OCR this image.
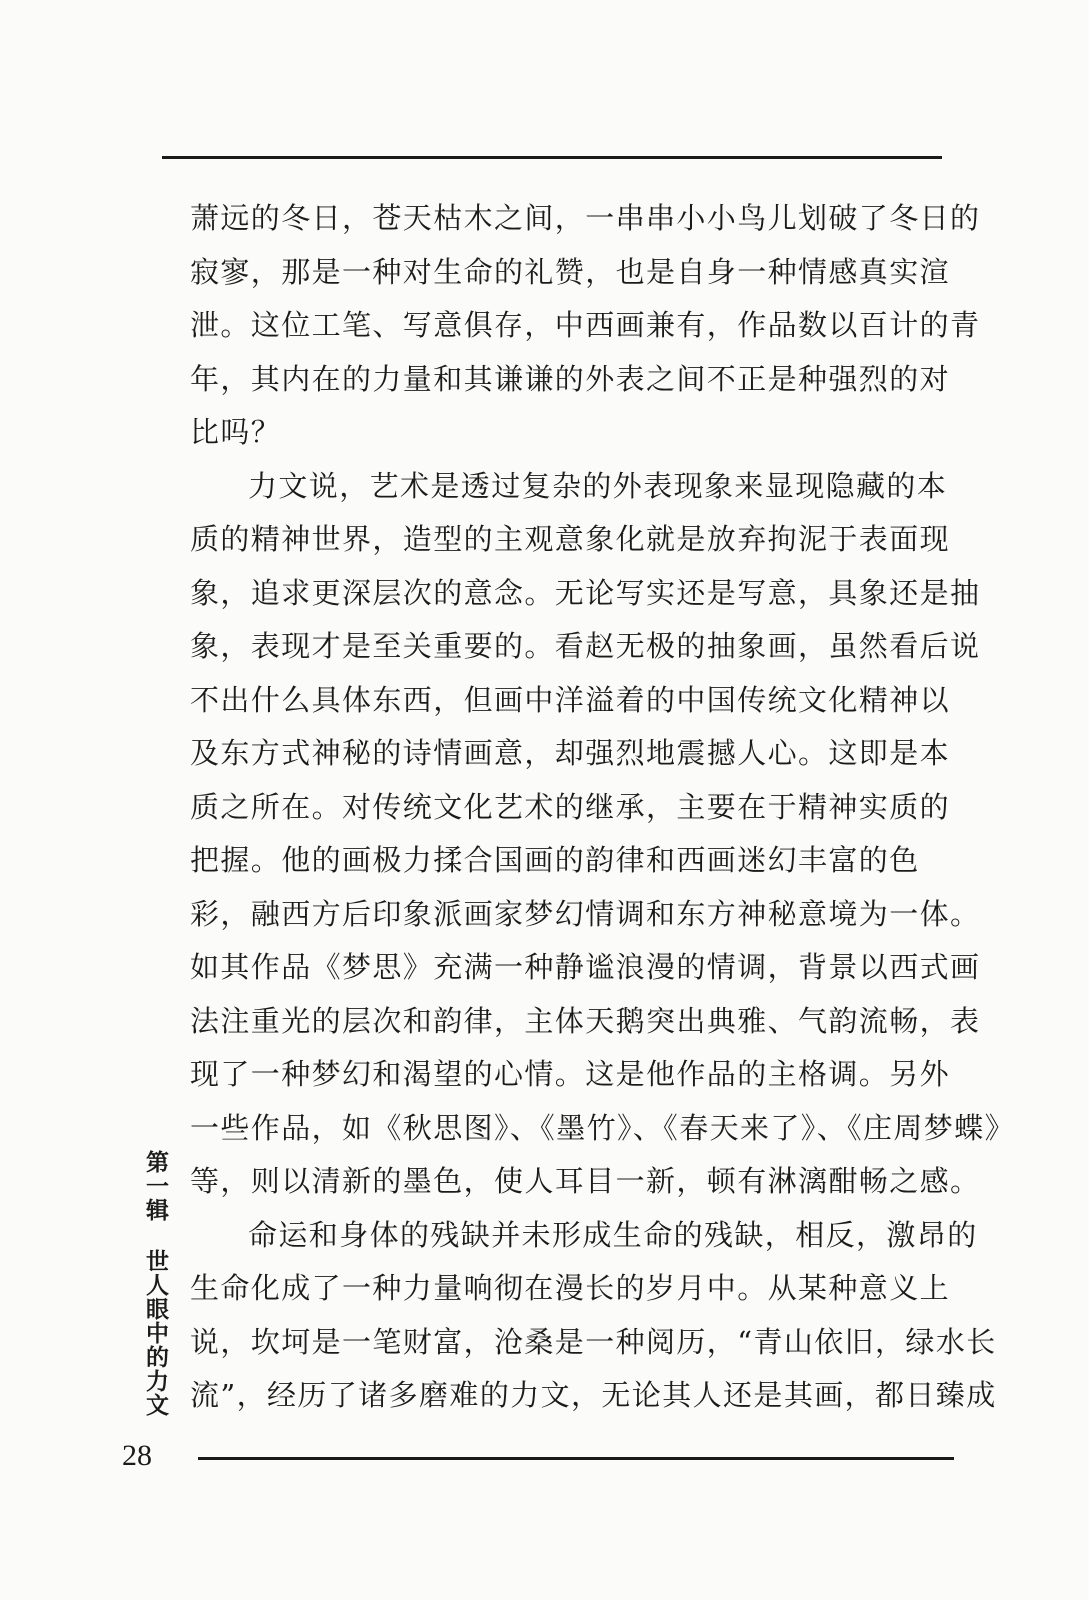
萧远的冬日，苍天枯木之间，一串串小小鸟儿划破了冬日的
寂寥，那是一种对生命的礼赞，也是自身一种情感真实渲
泄。这位工笔、写意俱存，中西画兼有，作品数以百计的青
年，其内在的力量和其谦谦的外表之间不正是种强烈的对
比吗？
力文说，艺术是透过复杂的外表现象来显现隐藏的本
质的精神世界，造型的主观意象化就是放弃拘泥于表面现
象，追求更深层次的意念。无论写实还是写意，具象还是抽
象，表现才是至关重要的。看赵无极的抽象画，虽然看后说
不出什么具体东西，但画中洋溢着的中国传统文化精神以
及东方式神秘的诗情画意，却强烈地震撼人心。这即是本
质之所在。对传统文化艺术的继承，主要在于精神实质的
把握。他的画极力揉合国画的韵律和西画迷幻丰富的色
彩，融西方后印象派画家梦幻情调和东方神秘意境为一体。
如其作品《梦思》充满一种静谧浪漫的情调，背景以西式画
法注重光的层次和韵律，主体天鹅突出典雅、气韵流畅，表
现了一种梦幻和渴望的心情。这是他作品的主格调。另外
一些作品，如《秋思图》、《墨竹》、《春天来了》、《庄周梦蝶》
等，则以清新的墨色，使人耳目一新，顿有淋漓酣畅之感。
命运和身体的残缺并未形成生命的残缺，相反，激昂的
生命化成了一种力量响彻在漫长的岁月中。从某种意义上
说，坎坷是一笔财富，沧桑是一种阅历，“青山依旧，绿水长
流”，经历了诸多磨难的力文，无论其人还是其画，都日臻成
第一辑 世人眼中的力文
28
